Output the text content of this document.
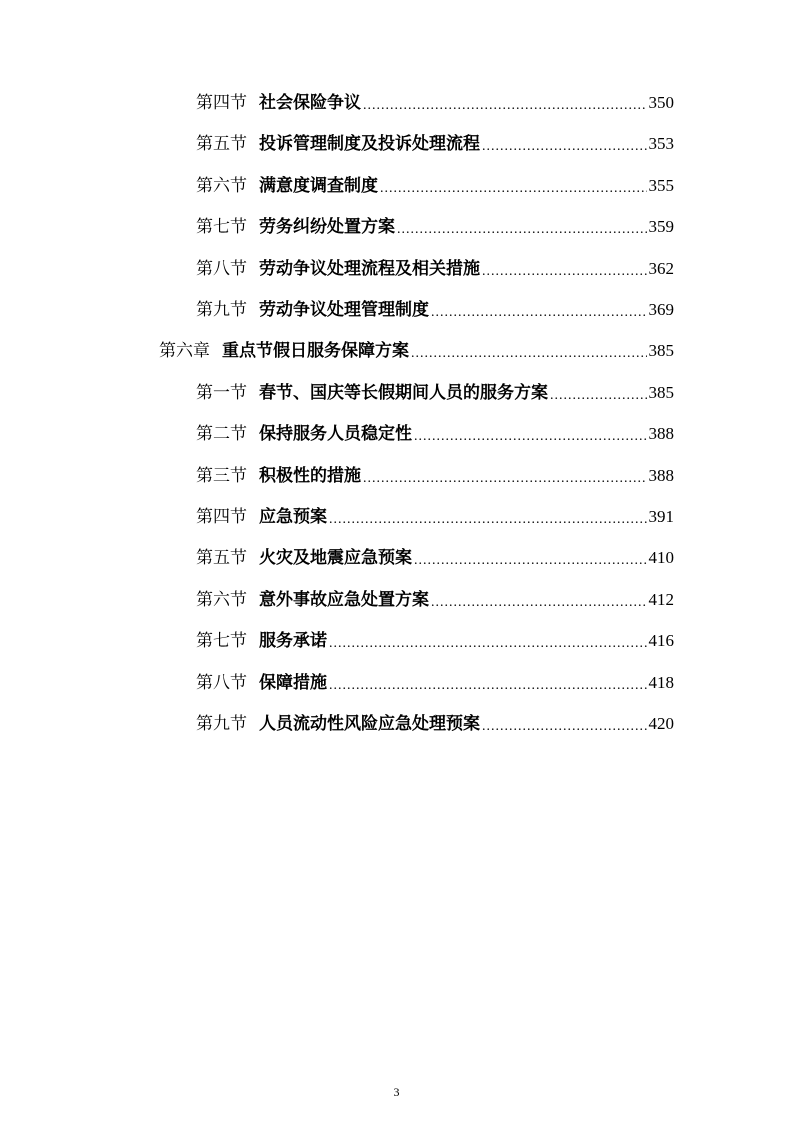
第四节 社会保险争议 .....	350
第五节 投诉管理制度及投诉处理流程 .....	353
第六节 满意度调查制度 .....	355
第七节 劳务纠纷处置方案 .....	359
第八节 劳动争议处理流程及相关措施 .....	362
第九节 劳动争议处理管理制度 .....	369
第六章 重点节假日服务保障方案 .....	385
第一节 春节、国庆等长假期间人员的服务方案 .....	385
第二节 保持服务人员稳定性 .....	388
第三节 积极性的措施 .....	388
第四节 应急预案 .....	391
第五节 火灾及地震应急预案 .....	410
第六节 意外事故应急处置方案 .....	412
第七节 服务承诺 .....	416
第八节 保障措施 .....	418
第九节 人员流动性风险应急处理预案 .....	420
3
